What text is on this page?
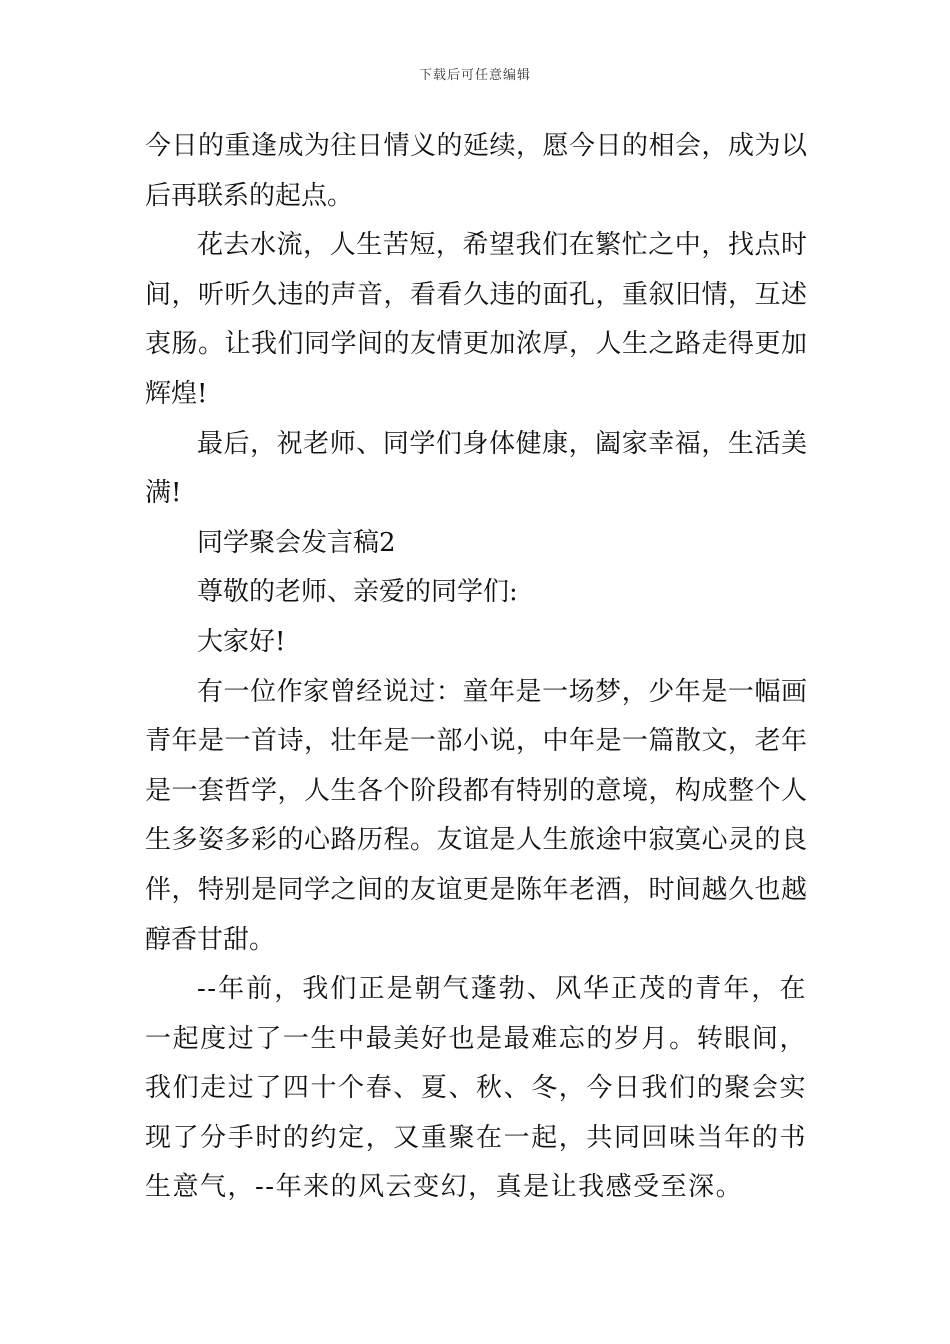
下载后可任意编辑

今日的重逢成为往日情义的延续，愿今日的相会，成为以后再联系的起点。

花去水流，人生苦短，希望我们在繁忙之中，找点时间，听听久违的声音，看看久违的面孔，重叙旧情，互述衷肠。让我们同学间的友情更加浓厚，人生之路走得更加辉煌!

最后，祝老师、同学们身体健康，阖家幸福，生活美满!

同学聚会发言稿2

尊敬的老师、亲爱的同学们:

大家好!

有一位作家曾经说过：童年是一场梦，少年是一幅画青年是一首诗，壮年是一部小说，中年是一篇散文，老年是一套哲学，人生各个阶段都有特别的意境，构成整个人生多姿多彩的心路历程。友谊是人生旅途中寂寞心灵的良伴，特别是同学之间的友谊更是陈年老酒，时间越久也越醇香甘甜。

--年前，我们正是朝气蓬勃、风华正茂的青年，在一起度过了一生中最美好也是最难忘的岁月。转眼间，我们走过了四十个春、夏、秋、冬，今日我们的聚会实现了分手时的约定，又重聚在一起，共同回味当年的书生意气，--年来的风云变幻，真是让我感受至深。
